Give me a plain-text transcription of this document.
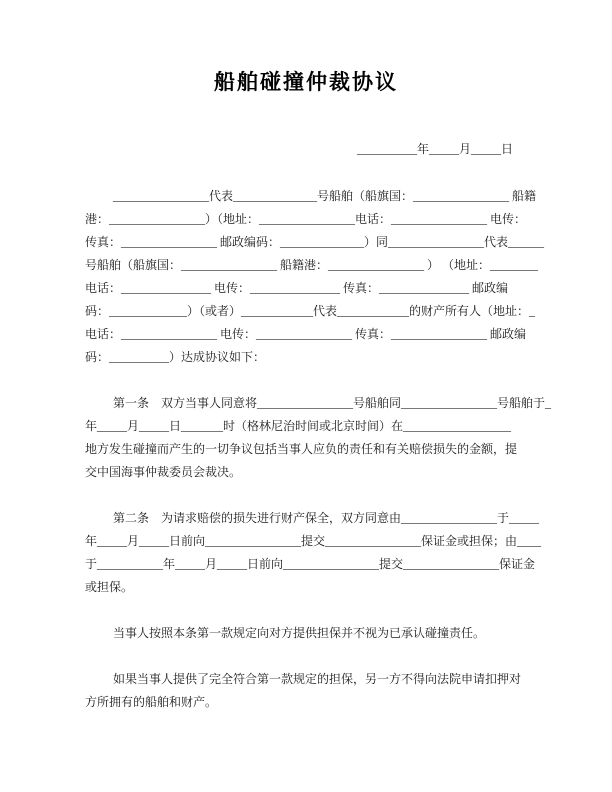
船舶碰撞仲裁协议
__________年_____月_____日
________________代表______________号船舶（船旗国：________________ 船籍
港：________________）（地址：________________电话：________________ 电传：
传真：________________ 邮政编码：______________）同________________代表______
号船舶（船旗国：________________ 船籍港：________________ ） （地址：________
电话：_______________ 电传：_______________ 传真：_______________ 邮政编
码：_____________）（或者）____________代表____________的财产所有人（地址：_
电话：________________ 电传：________________ 传真：________________ 邮政编
码：__________）达成协议如下：
第一条　双方当事人同意将________________号船舶同________________号船舶于_
年_____月_____日_______时（格林尼治时间或北京时间）在__________________
地方发生碰撞而产生的一切争议包括当事人应负的责任和有关赔偿损失的金额，提
交中国海事仲裁委员会裁决。
第二条　为请求赔偿的损失进行财产保全，双方同意由________________于_____
年_____月_____日前向________________提交________________保证金或担保；由____
于___________年_____月_____日前向________________提交________________保证金
或担保。
当事人按照本条第一款规定向对方提供担保并不视为已承认碰撞责任。
如果当事人提供了完全符合第一款规定的担保，另一方不得向法院申请扣押对
方所拥有的船舶和财产。
